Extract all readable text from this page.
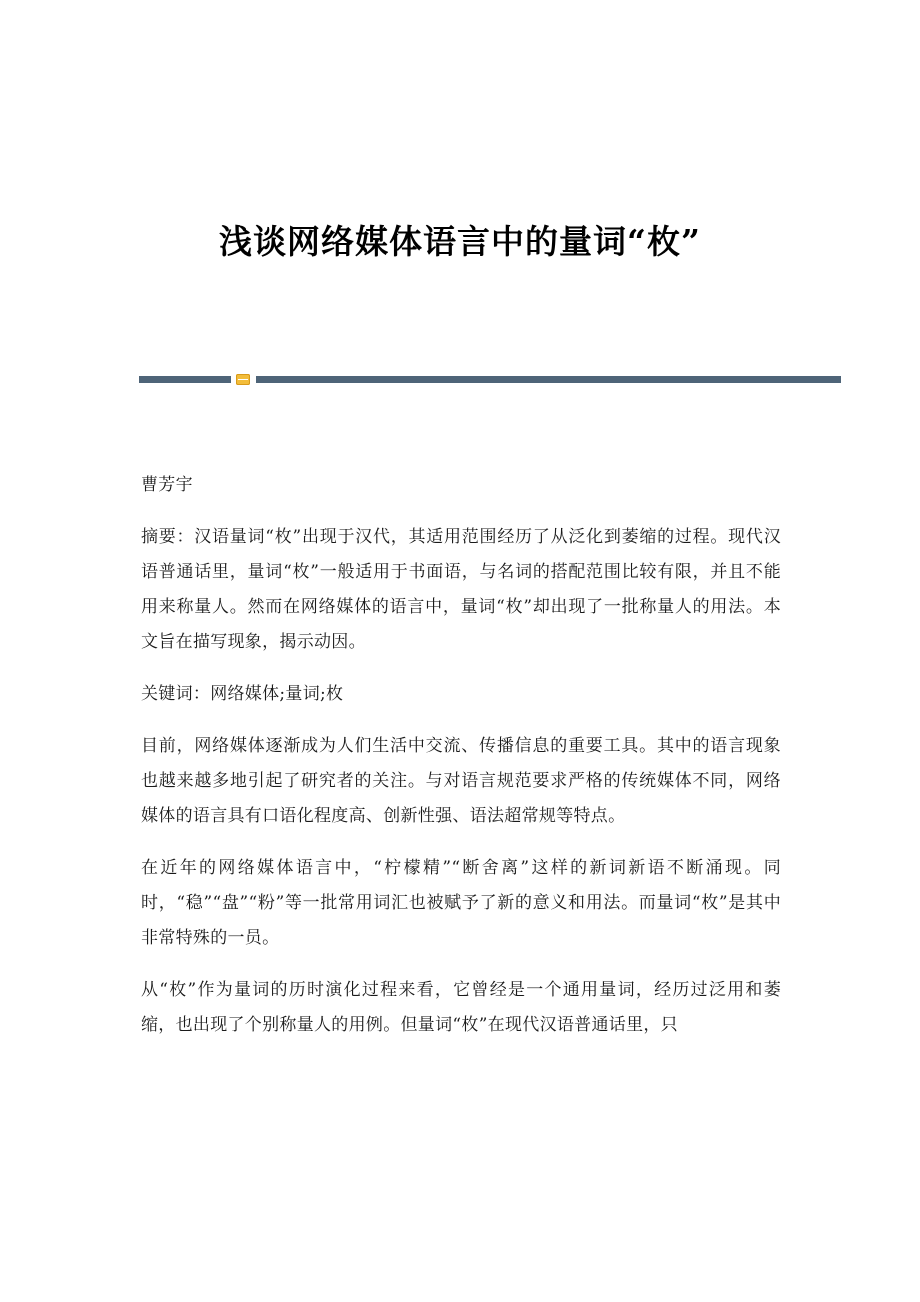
浅谈网络媒体语言中的量词“枚”

曹芳宇

摘要：汉语量词“枚”出现于汉代，其适用范围经历了从泛化到萎缩的过程。现代汉语普通话里，量词“枚”一般适用于书面语，与名词的搭配范围比较有限，并且不能用来称量人。然而在网络媒体的语言中，量词“枚”却出现了一批称量人的用法。本文旨在描写现象，揭示动因。

关键词：网络媒体;量词;枚

目前，网络媒体逐渐成为人们生活中交流、传播信息的重要工具。其中的语言现象也越来越多地引起了研究者的关注。与对语言规范要求严格的传统媒体不同，网络媒体的语言具有口语化程度高、创新性强、语法超常规等特点。

在近年的网络媒体语言中，“柠檬精”“断舍离”这样的新词新语不断涌现。同时，“稳”“盘”“粉”等一批常用词汇也被赋予了新的意义和用法。而量词“枚”是其中非常特殊的一员。

从“枚”作为量词的历时演化过程来看，它曾经是一个通用量词，经历过泛用和萎缩，也出现了个别称量人的用例。但量词“枚”在现代汉语普通话里，只
